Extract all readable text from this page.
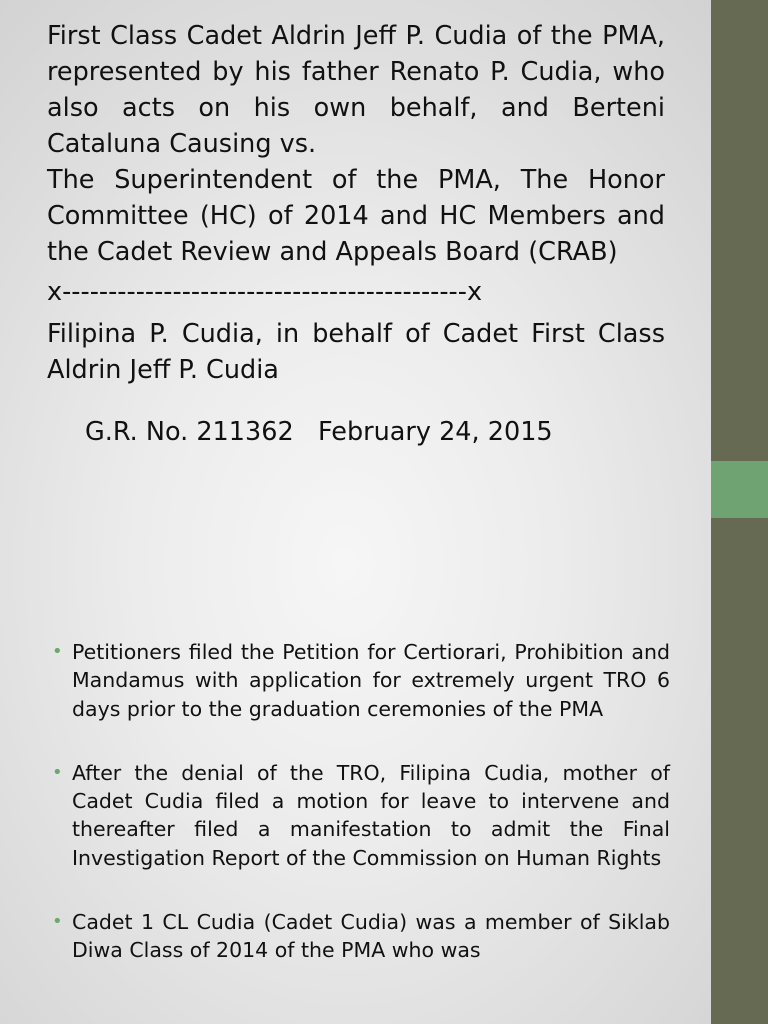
First Class Cadet Aldrin Jeff P. Cudia of the PMA, represented by his father Renato P. Cudia, who also acts on his own behalf, and Berteni Cataluna Causing vs.
The Superintendent of the PMA, The Honor Committee (HC) of 2014 and HC Members and the Cadet Review and Appeals Board (CRAB)
x--------------------------------------------x
Filipina P. Cudia, in behalf of Cadet First Class Aldrin Jeff P. Cudia
G.R. No. 211362   February 24, 2015
• Petitioners filed the Petition for Certiorari, Prohibition and Mandamus with application for extremely urgent TRO 6 days prior to the graduation ceremonies of the PMA
• After the denial of the TRO, Filipina Cudia, mother of Cadet Cudia filed a motion for leave to intervene and thereafter filed a manifestation to admit the Final Investigation Report of the Commission on Human Rights
• Cadet 1 CL Cudia (Cadet Cudia) was a member of Siklab Diwa Class of 2014 of the PMA who was
